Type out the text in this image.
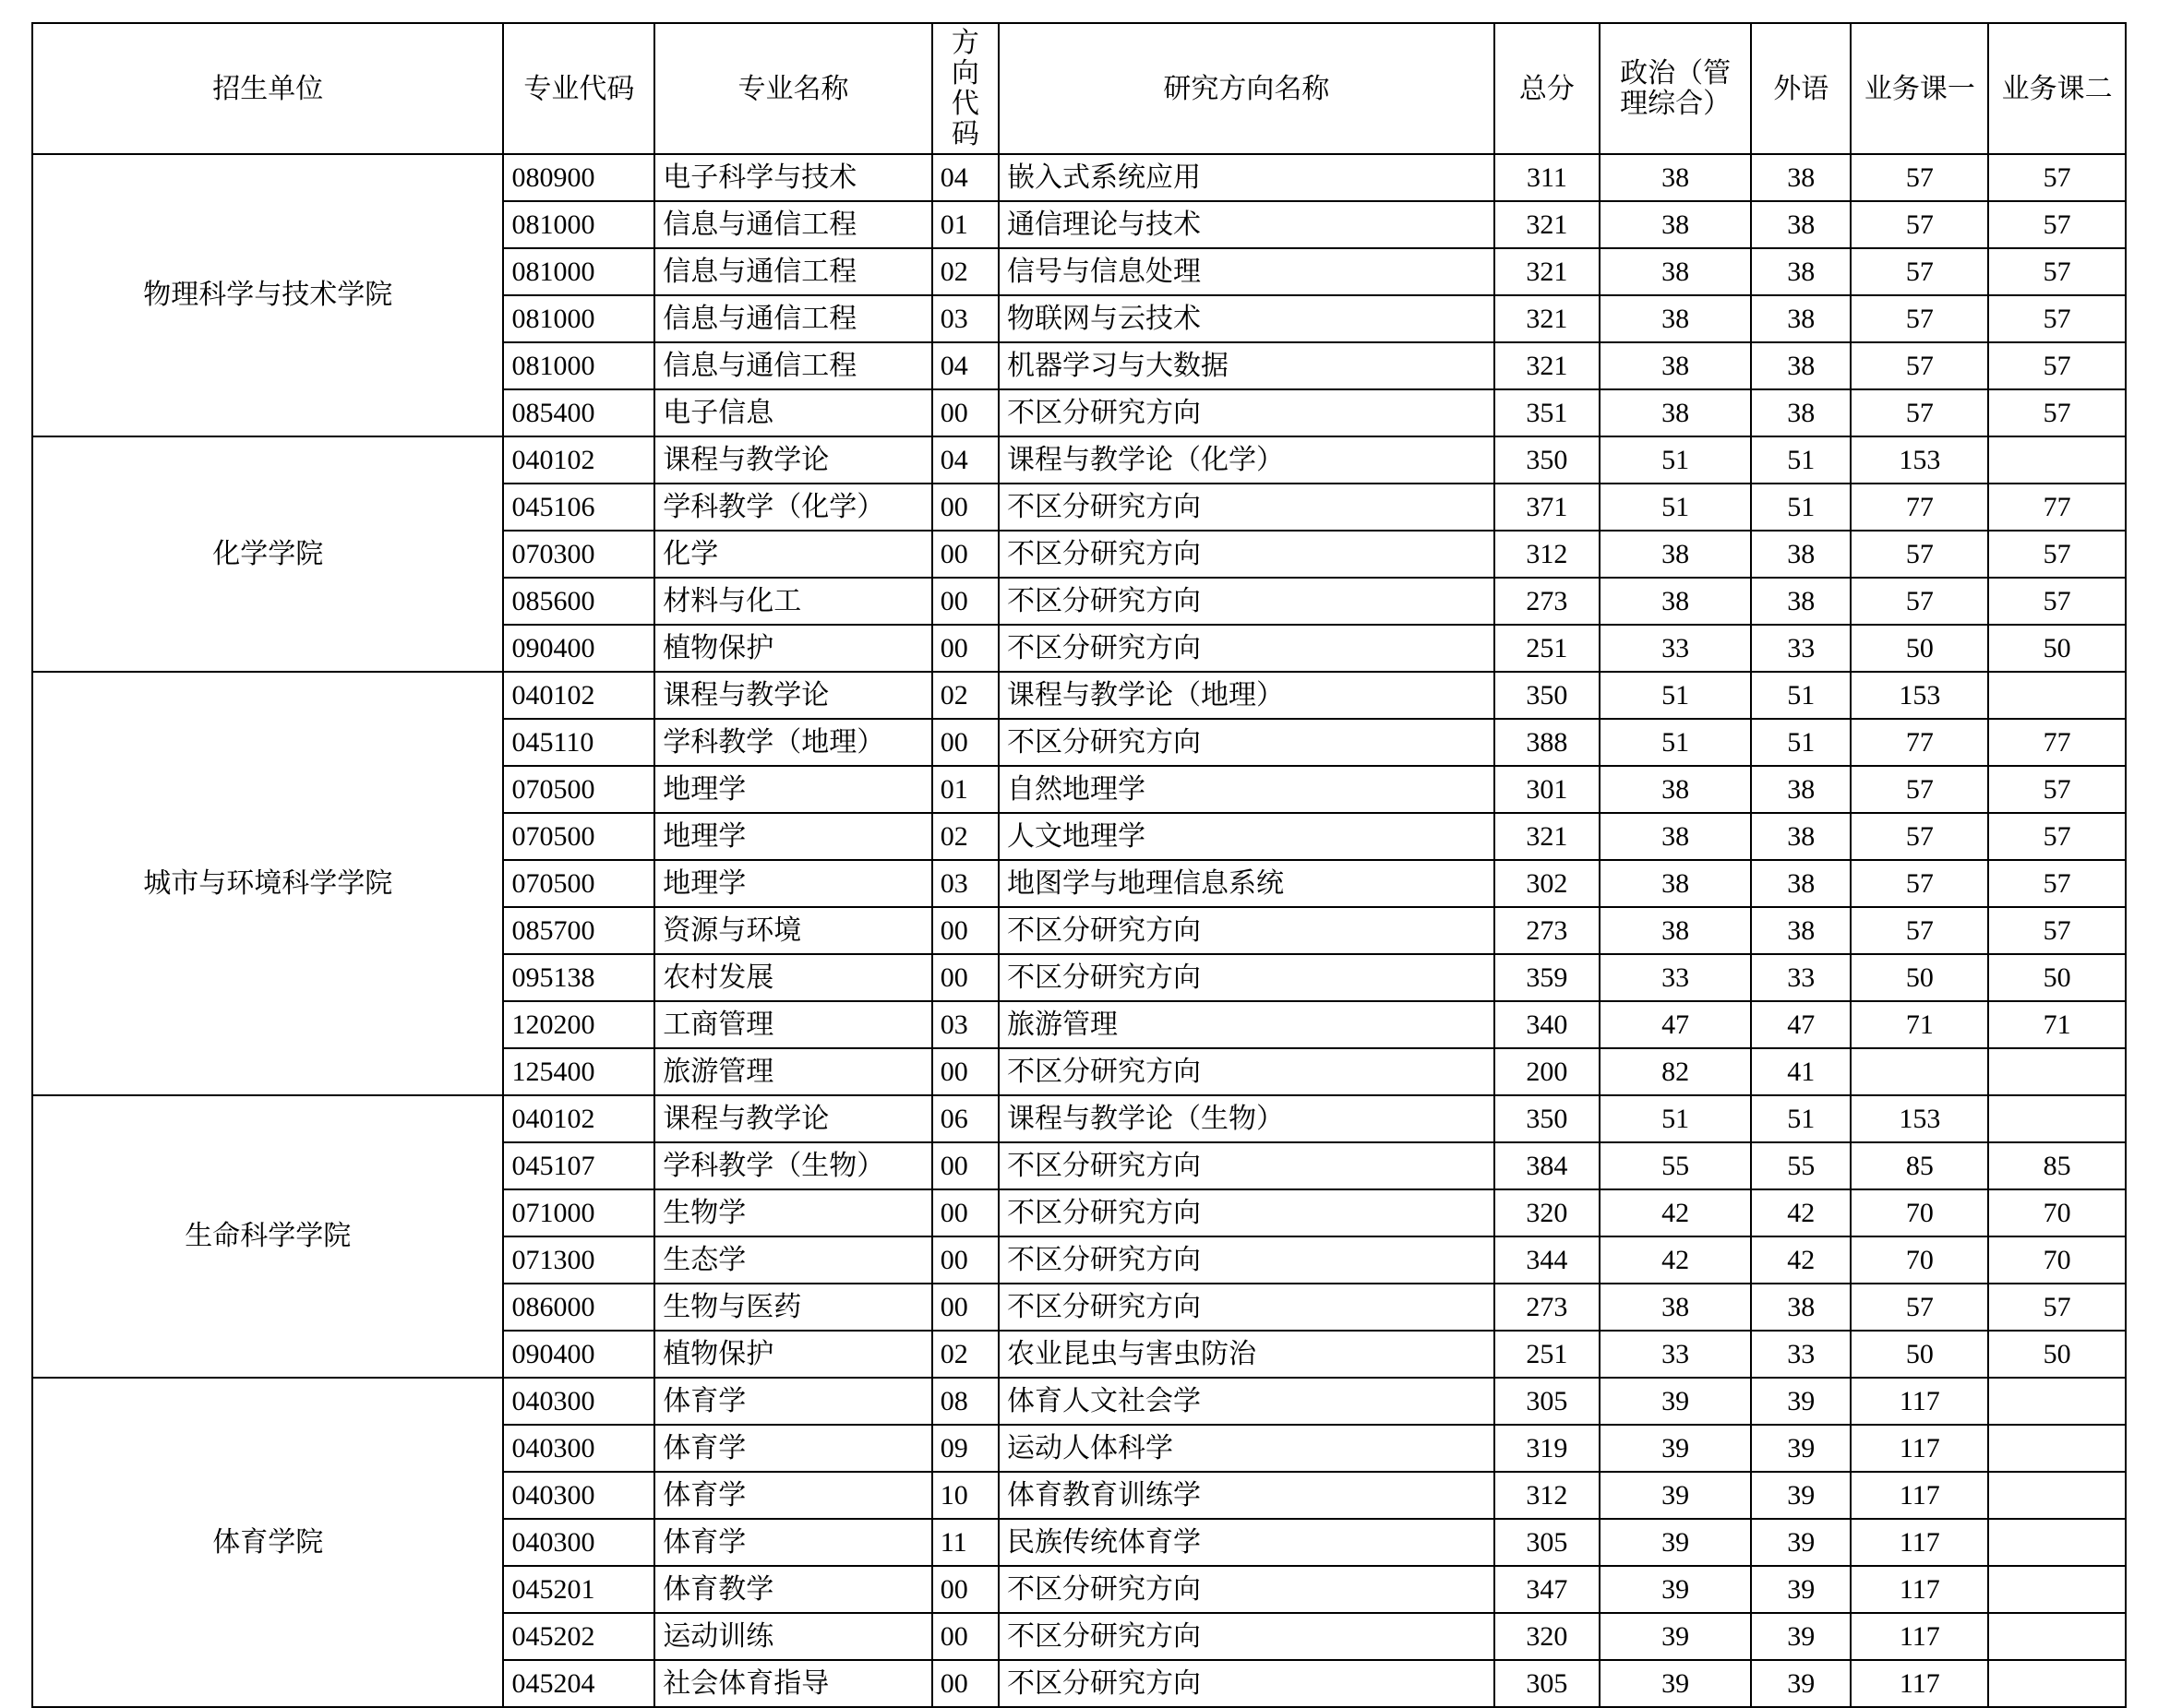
招生单位	专业代码	专业名称	方向代码	研究方向名称	总分	政治（管理综合）	外语	业务课一	业务课二

物理科学与技术学院	080900	电子科学与技术	04	嵌入式系统应用	311	38	38	57	57
	081000	信息与通信工程	01	通信理论与技术	321	38	38	57	57
	081000	信息与通信工程	02	信号与信息处理	321	38	38	57	57
	081000	信息与通信工程	03	物联网与云技术	321	38	38	57	57
	081000	信息与通信工程	04	机器学习与大数据	321	38	38	57	57
	085400	电子信息	00	不区分研究方向	351	38	38	57	57
化学学院	040102	课程与教学论	04	课程与教学论（化学）	350	51	51	153	
	045106	学科教学（化学）	00	不区分研究方向	371	51	51	77	77
	070300	化学	00	不区分研究方向	312	38	38	57	57
	085600	材料与化工	00	不区分研究方向	273	38	38	57	57
	090400	植物保护	00	不区分研究方向	251	33	33	50	50
城市与环境科学学院	040102	课程与教学论	02	课程与教学论（地理）	350	51	51	153	
	045110	学科教学（地理）	00	不区分研究方向	388	51	51	77	77
	070500	地理学	01	自然地理学	301	38	38	57	57
	070500	地理学	02	人文地理学	321	38	38	57	57
	070500	地理学	03	地图学与地理信息系统	302	38	38	57	57
	085700	资源与环境	00	不区分研究方向	273	38	38	57	57
	095138	农村发展	00	不区分研究方向	359	33	33	50	50
	120200	工商管理	03	旅游管理	340	47	47	71	71
	125400	旅游管理	00	不区分研究方向	200	82	41		
生命科学学院	040102	课程与教学论	06	课程与教学论（生物）	350	51	51	153	
	045107	学科教学（生物）	00	不区分研究方向	384	55	55	85	85
	071000	生物学	00	不区分研究方向	320	42	42	70	70
	071300	生态学	00	不区分研究方向	344	42	42	70	70
	086000	生物与医药	00	不区分研究方向	273	38	38	57	57
	090400	植物保护	02	农业昆虫与害虫防治	251	33	33	50	50
体育学院	040300	体育学	08	体育人文社会学	305	39	39	117	
	040300	体育学	09	运动人体科学	319	39	39	117	
	040300	体育学	10	体育教育训练学	312	39	39	117	
	040300	体育学	11	民族传统体育学	305	39	39	117	
	045201	体育教学	00	不区分研究方向	347	39	39	117	
	045202	运动训练	00	不区分研究方向	320	39	39	117	
	045204	社会体育指导	00	不区分研究方向	305	39	39	117	
